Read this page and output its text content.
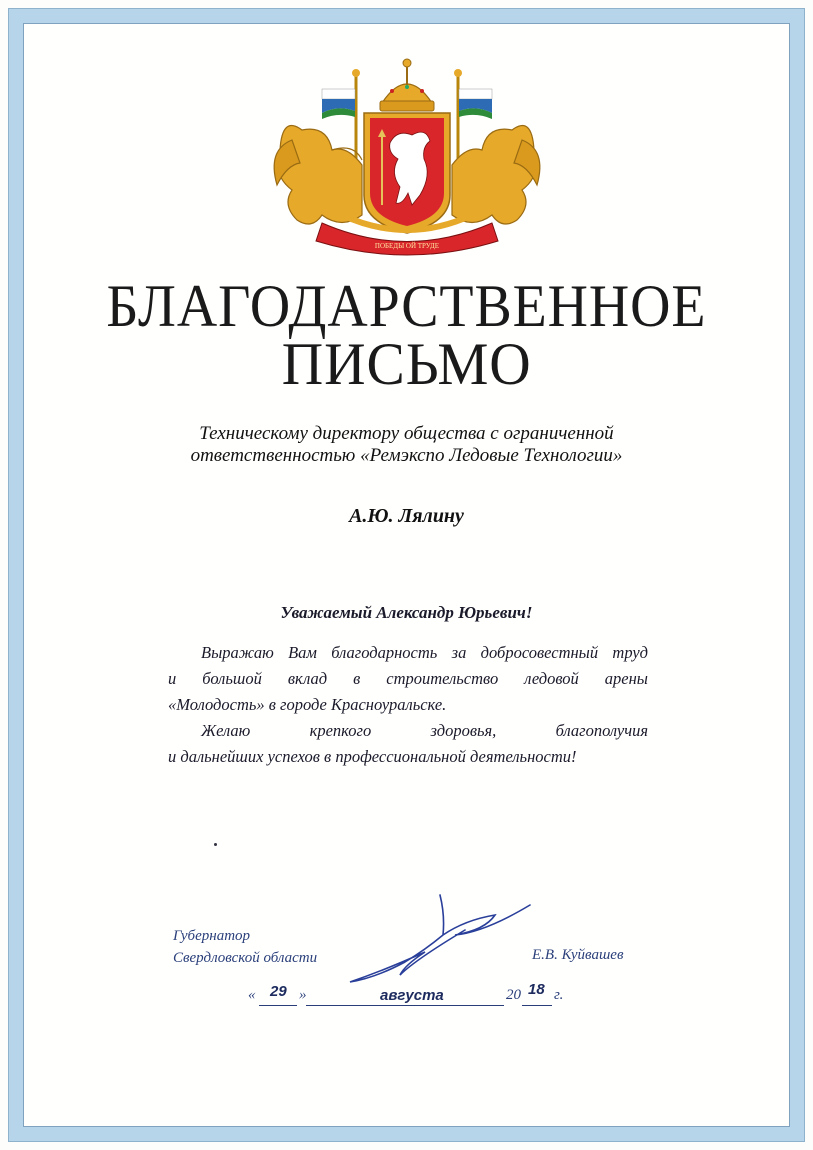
ПОБЕДЫ ОЙ ТРУДЕ
БЛАГОДАРСТВЕННОЕ
ПИСЬМО
Техническому директору общества с ограниченной
ответственностью «Ремэкспо Ледовые Технологии»
А.Ю. Лялину
Уважаемый Александр Юрьевич!

Выражаю Вам благодарность за добросовестный труд

и большой вклад в строительство ледовой арены

«Молодость» в городе Красноуральске.

Желаю крепкого здоровья, благополучия

и дальнейших успехов в профессиональной деятельности!

Губернатор
Свердловской области	Е.В. Куйвашев
« 29 »	августа	20 18 г.
